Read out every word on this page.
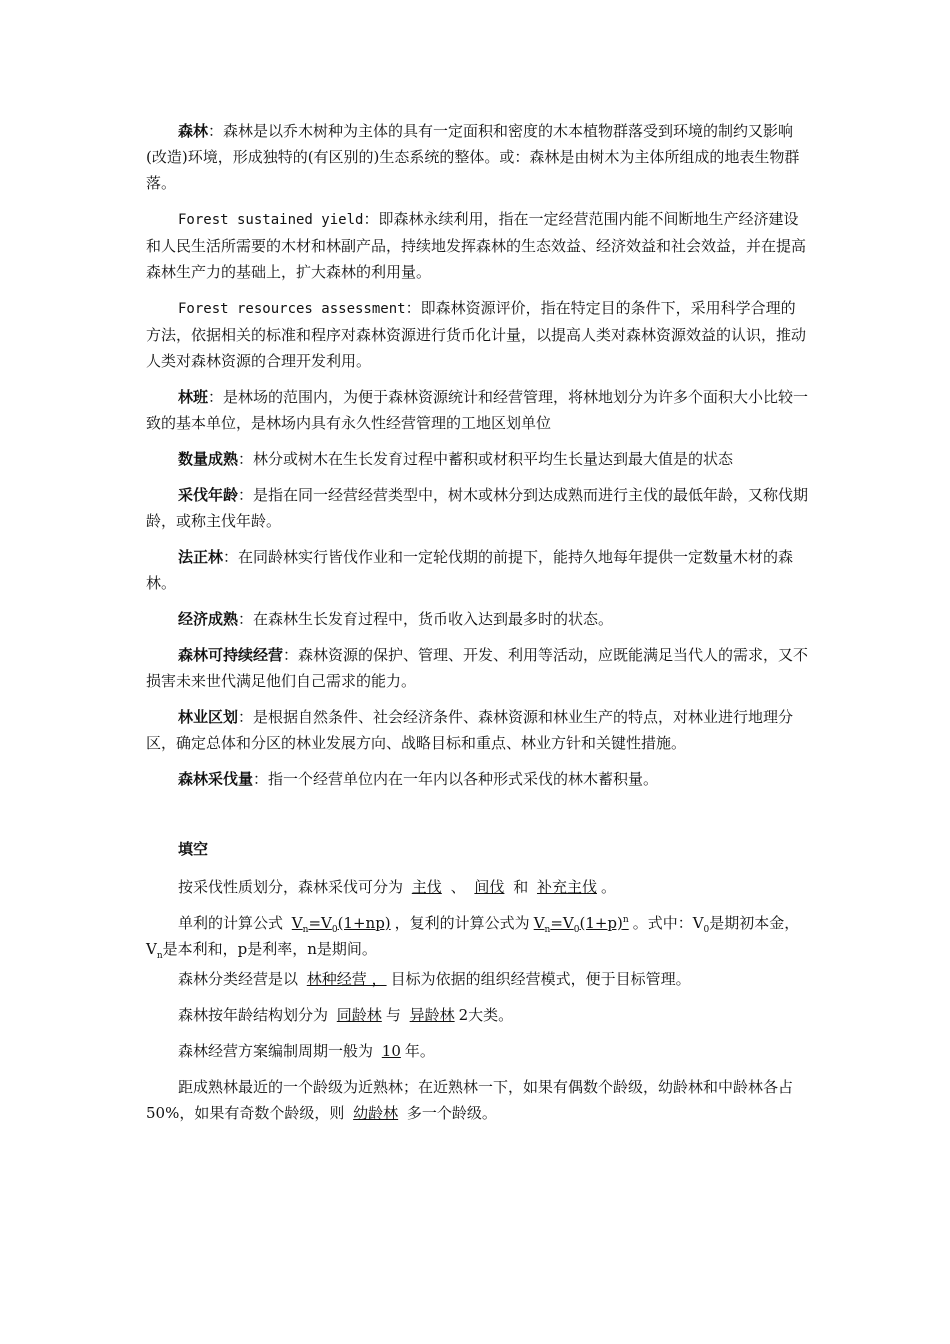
森林：森林是以乔木树种为主体的具有一定面积和密度的木本植物群落受到环境的制约又影响(改造)环境，形成独特的(有区别的)生态系统的整体。或：森林是由树木为主体所组成的地表生物群落。

Forest sustained yield：即森林永续利用，指在一定经营范围内能不间断地生产经济建设和人民生活所需要的木材和林副产品，持续地发挥森林的生态效益、经济效益和社会效益，并在提高森林生产力的基础上，扩大森林的利用量。

Forest resources assessment：即森林资源评价，指在特定目的条件下，采用科学合理的方法，依据相关的标准和程序对森林资源进行货币化计量，以提高人类对森林资源效益的认识，推动人类对森林资源的合理开发利用。

林班：是林场的范围内，为便于森林资源统计和经营管理，将林地划分为许多个面积大小比较一致的基本单位，是林场内具有永久性经营管理的工地区划单位

数量成熟：林分或树木在生长发育过程中蓄积或材积平均生长量达到最大值是的状态

采伐年龄：是指在同一经营经营类型中，树木或林分到达成熟而进行主伐的最低年龄，又称伐期龄，或称主伐年龄。

法正林：在同龄林实行皆伐作业和一定轮伐期的前提下，能持久地每年提供一定数量木材的森林。

经济成熟：在森林生长发育过程中，货币收入达到最多时的状态。

森林可持续经营：森林资源的保护、管理、开发、利用等活动，应既能满足当代人的需求，又不损害未来世代满足他们自己需求的能力。

林业区划：是根据自然条件、社会经济条件、森林资源和林业生产的特点，对林业进行地理分区，确定总体和分区的林业发展方向、战略目标和重点、林业方针和关键性措施。

森林采伐量：指一个经营单位内在一年内以各种形式采伐的林木蓄积量。

填空

按采伐性质划分，森林采伐可分为 主伐 、 间伐 和 补充主伐 。

单利的计算公式 $V_n=V_0(1+np)$ ，复利的计算公式为 $V_n=V_0(1+p)^n$ 。式中：$V_0$是期初本金，$V_n$是本利和，p是利率，n是期间。

森林分类经营是以 林种经营 ， 目标为依据的组织经营模式，便于目标管理。

森林按年龄结构划分为 同龄林 与 异龄林 2大类。

森林经营方案编制周期一般为 10 年。

距成熟林最近的一个龄级为近熟林；在近熟林一下，如果有偶数个龄级，幼龄林和中龄林各占50%，如果有奇数个龄级，则 幼龄林 多一个龄级。
